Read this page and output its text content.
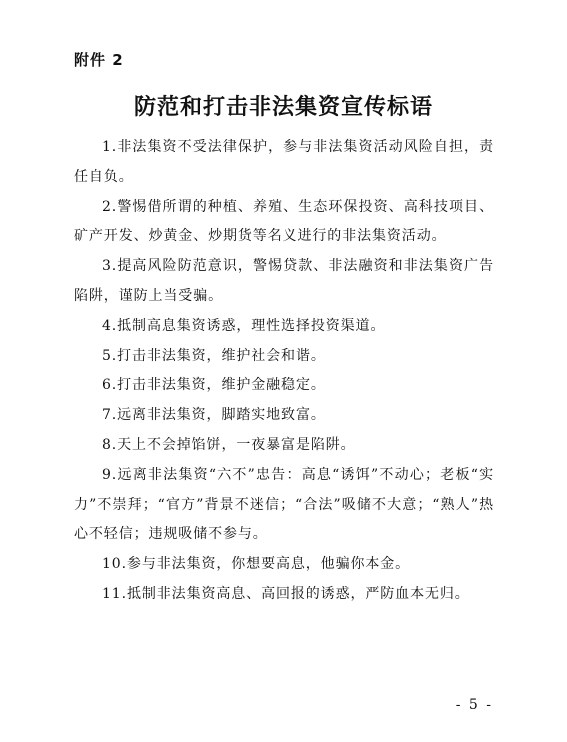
附件 2
防范和打击非法集资宣传标语

1.非法集资不受法律保护，参与非法集资活动风险自担，责任自负。

2.警惕借所谓的种植、养殖、生态环保投资、高科技项目、矿产开发、炒黄金、炒期货等名义进行的非法集资活动。

3.提高风险防范意识，警惕贷款、非法融资和非法集资广告陷阱，谨防上当受骗。

4.抵制高息集资诱惑，理性选择投资渠道。

5.打击非法集资，维护社会和谐。

6.打击非法集资，维护金融稳定。

7.远离非法集资，脚踏实地致富。

8.天上不会掉馅饼，一夜暴富是陷阱。

9.远离非法集资“六不”忠告：高息“诱饵”不动心；老板“实力”不崇拜；“官方”背景不迷信；“合法”吸储不大意；“熟人”热心不轻信；违规吸储不参与。

10.参与非法集资，你想要高息，他骗你本金。

11.抵制非法集资高息、高回报的诱惑，严防血本无归。

- 5 -
